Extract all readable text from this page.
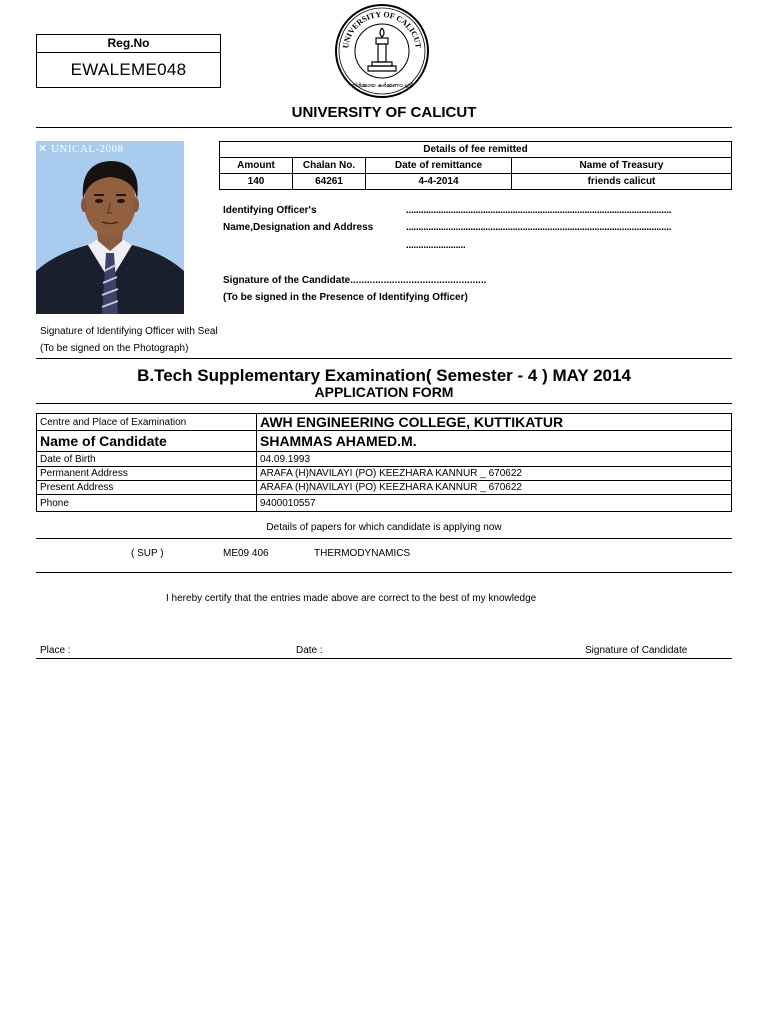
Reg.No
EWALEME048
UNIVERSITY OF CALICUT
നിർമ്മായ കർമ്മണാ ശ്രീ
UNIVERSITY OF CALICUT
✕ UNICAL-2008	Details of fee remitted			
Amount	Chalan No.	Date of remittance	Name of Treasury
140	64261	4-4-2014	friends calicut
Identifying Officer's
Name,Designation and Address
...........................................................................................................
...........................................................................................................
........................
Signature of the Candidate.................................................
(To be signed in the Presence of Identifying Officer)
Signature of Identifying Officer with Seal
(To be signed on the Photograph)
B.Tech Supplementary Examination( Semester - 4 ) MAY 2014
APPLICATION FORM
Centre and Place of Examination	AWH ENGINEERING COLLEGE, KUTTIKATUR
Name of Candidate	SHAMMAS AHAMED.M.
Date of Birth	04.09.1993
Permanent Address	ARAFA (H)NAVILAYI (PO) KEEZHARA KANNUR _ 670622
Present Address	ARAFA (H)NAVILAYI (PO) KEEZHARA KANNUR _ 670622
Phone	9400010557
Details of papers for which candidate is applying now
( SUP )	ME09 406	THERMODYNAMICS
I hereby certify that the entries made above are correct to the best of my knowledge
Place :	Date :	Signature of Candidate
